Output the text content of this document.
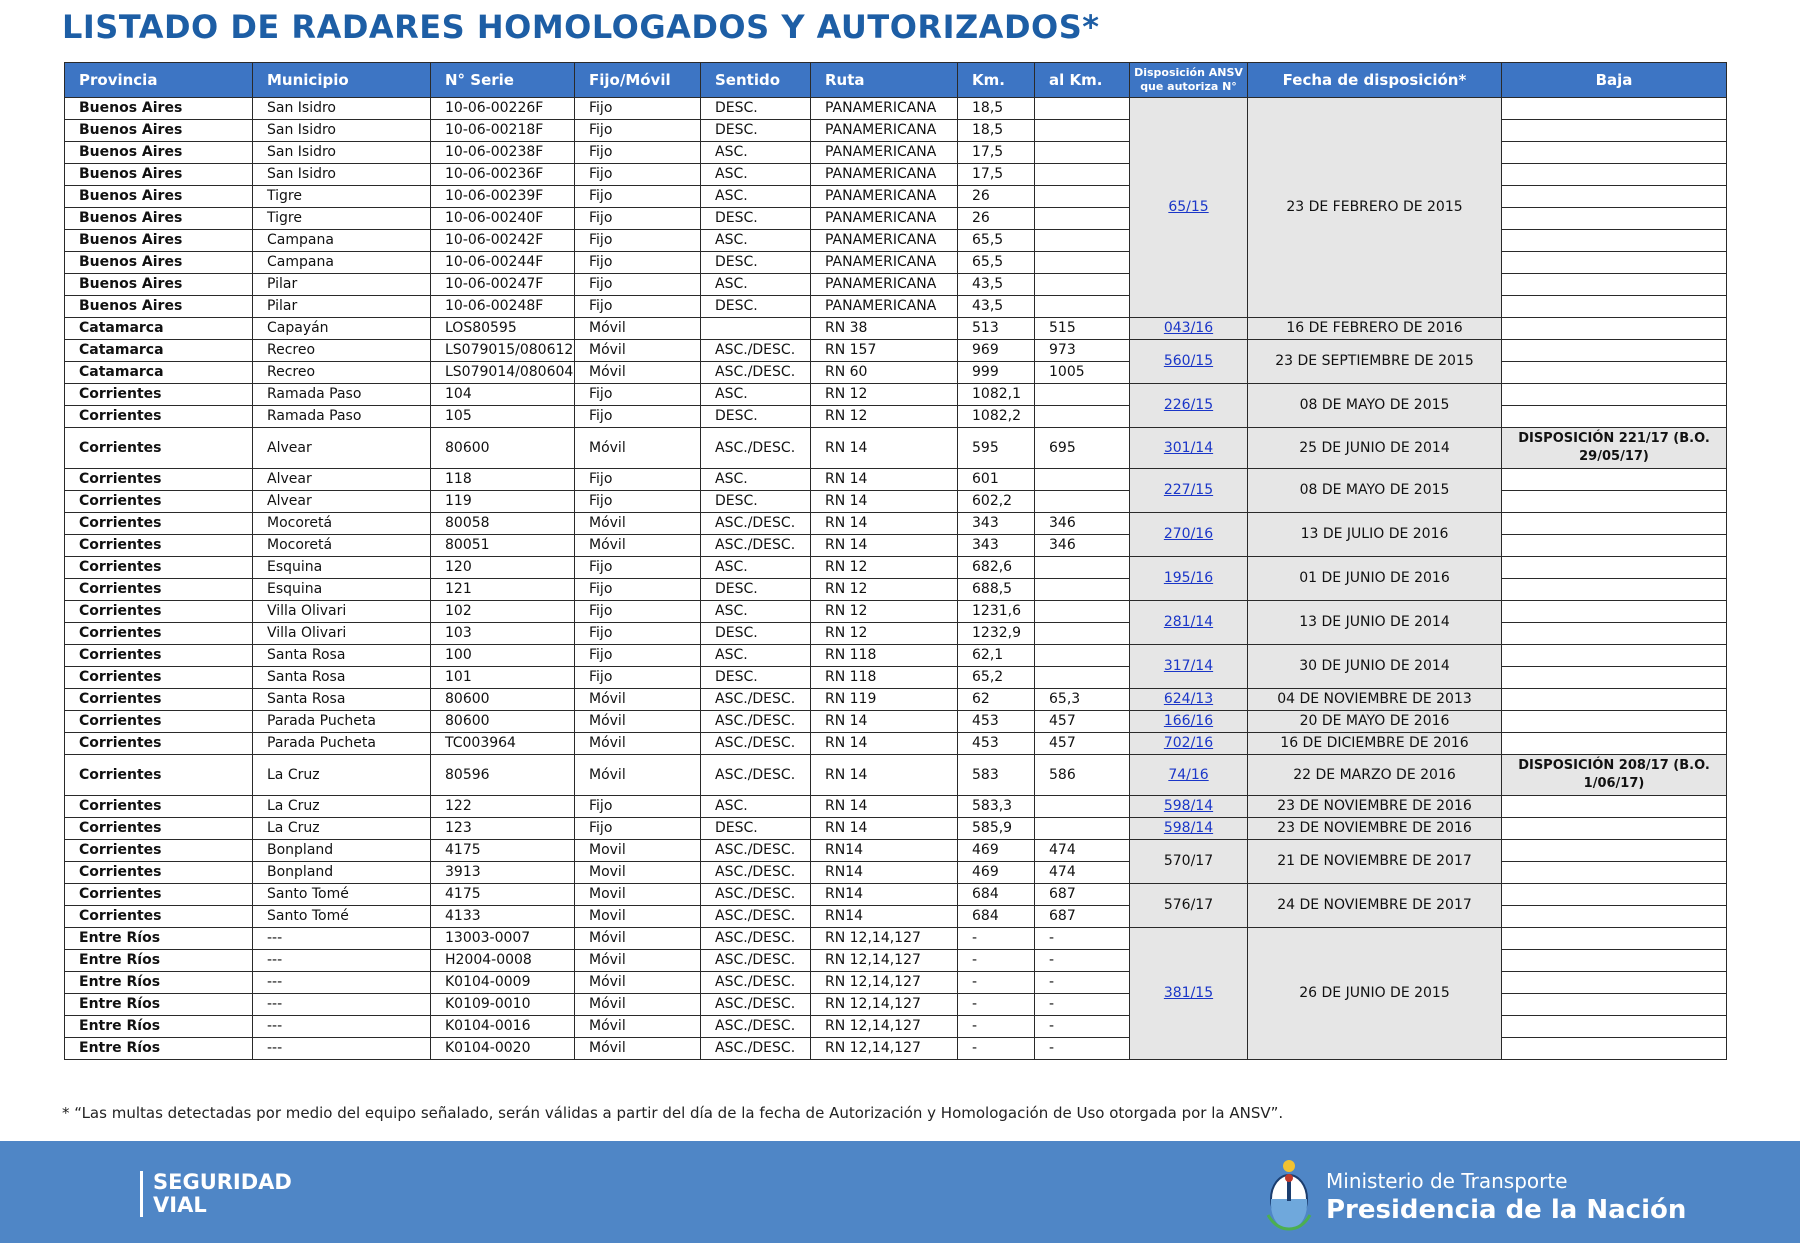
LISTADO DE RADARES HOMOLOGADOS Y AUTORIZADOS*
Provincia	Municipio	N° Serie	Fijo/Móvil	Sentido	Ruta	Km.	al Km.	Disposición ANSV que autoriza N°	Fecha de disposición*	Baja
Buenos Aires	San Isidro	10-06-00226F	Fijo	DESC.	PANAMERICANA	18,5		65/15	23 DE FEBRERO DE 2015	
Buenos Aires	San Isidro	10-06-00218F	Fijo	DESC.	PANAMERICANA	18,5				
Buenos Aires	San Isidro	10-06-00238F	Fijo	ASC.	PANAMERICANA	17,5				
Buenos Aires	San Isidro	10-06-00236F	Fijo	ASC.	PANAMERICANA	17,5				
Buenos Aires	Tigre	10-06-00239F	Fijo	ASC.	PANAMERICANA	26				
Buenos Aires	Tigre	10-06-00240F	Fijo	DESC.	PANAMERICANA	26				
Buenos Aires	Campana	10-06-00242F	Fijo	ASC.	PANAMERICANA	65,5				
Buenos Aires	Campana	10-06-00244F	Fijo	DESC.	PANAMERICANA	65,5				
Buenos Aires	Pilar	10-06-00247F	Fijo	ASC.	PANAMERICANA	43,5				
Buenos Aires	Pilar	10-06-00248F	Fijo	DESC.	PANAMERICANA	43,5				
Catamarca	Capayán	LOS80595	Móvil		RN 38	513	515	043/16	16 DE FEBRERO DE 2016	
Catamarca	Recreo	LS079015/080612	Móvil	ASC./DESC.	RN 157	969	973	560/15	23 DE SEPTIEMBRE DE 2015	
Catamarca	Recreo	LS079014/080604	Móvil	ASC./DESC.	RN 60	999	1005			
Corrientes	Ramada Paso	104	Fijo	ASC.	RN 12	1082,1		226/15	08 DE MAYO DE 2015	
Corrientes	Ramada Paso	105	Fijo	DESC.	RN 12	1082,2				
Corrientes	Alvear	80600	Móvil	ASC./DESC.	RN 14	595	695	301/14	25 DE JUNIO DE 2014	DISPOSICIÓN 221/17 (B.O. 29/05/17)
Corrientes	Alvear	118	Fijo	ASC.	RN 14	601		227/15	08 DE MAYO DE 2015	
Corrientes	Alvear	119	Fijo	DESC.	RN 14	602,2				
Corrientes	Mocoretá	80058	Móvil	ASC./DESC.	RN 14	343	346	270/16	13 DE JULIO DE 2016	
Corrientes	Mocoretá	80051	Móvil	ASC./DESC.	RN 14	343	346			
Corrientes	Esquina	120	Fijo	ASC.	RN 12	682,6		195/16	01 DE JUNIO DE 2016	
Corrientes	Esquina	121	Fijo	DESC.	RN 12	688,5				
Corrientes	Villa Olivari	102	Fijo	ASC.	RN 12	1231,6		281/14	13 DE JUNIO DE 2014	
Corrientes	Villa Olivari	103	Fijo	DESC.	RN 12	1232,9				
Corrientes	Santa Rosa	100	Fijo	ASC.	RN 118	62,1		317/14	30 DE JUNIO DE 2014	
Corrientes	Santa Rosa	101	Fijo	DESC.	RN 118	65,2				
Corrientes	Santa Rosa	80600	Móvil	ASC./DESC.	RN 119	62	65,3	624/13	04 DE NOVIEMBRE DE 2013	
Corrientes	Parada Pucheta	80600	Móvil	ASC./DESC.	RN 14	453	457	166/16	20 DE MAYO DE 2016	
Corrientes	Parada Pucheta	TC003964	Móvil	ASC./DESC.	RN 14	453	457	702/16	16 DE DICIEMBRE DE 2016	
Corrientes	La Cruz	80596	Móvil	ASC./DESC.	RN 14	583	586	74/16	22 DE MARZO DE 2016	DISPOSICIÓN 208/17 (B.O. 1/06/17)
Corrientes	La Cruz	122	Fijo	ASC.	RN 14	583,3		598/14	23 DE NOVIEMBRE DE 2016	
Corrientes	La Cruz	123	Fijo	DESC.	RN 14	585,9		598/14	23 DE NOVIEMBRE DE 2016	
Corrientes	Bonpland	4175	Movil	ASC./DESC.	RN14	469	474	570/17	21 DE NOVIEMBRE DE 2017	
Corrientes	Bonpland	3913	Movil	ASC./DESC.	RN14	469	474			
Corrientes	Santo Tomé	4175	Movil	ASC./DESC.	RN14	684	687	576/17	24 DE NOVIEMBRE DE 2017	
Corrientes	Santo Tomé	4133	Movil	ASC./DESC.	RN14	684	687			
Entre Ríos	---	13003-0007	Móvil	ASC./DESC.	RN 12,14,127	-	-	381/15	26 DE JUNIO DE 2015	
Entre Ríos	---	H2004-0008	Móvil	ASC./DESC.	RN 12,14,127	-	-			
Entre Ríos	---	K0104-0009	Móvil	ASC./DESC.	RN 12,14,127	-	-			
Entre Ríos	---	K0109-0010	Móvil	ASC./DESC.	RN 12,14,127	-	-			
Entre Ríos	---	K0104-0016	Móvil	ASC./DESC.	RN 12,14,127	-	-			
Entre Ríos	---	K0104-0020	Móvil	ASC./DESC.	RN 12,14,127	-	-			
* “Las multas detectadas por medio del equipo señalado, serán válidas a partir del día de la fecha de Autorización y Homologación de Uso otorgada por la ANSV”.
SEGURIDAD
VIAL
Ministerio de Transporte
Presidencia de la Nación
